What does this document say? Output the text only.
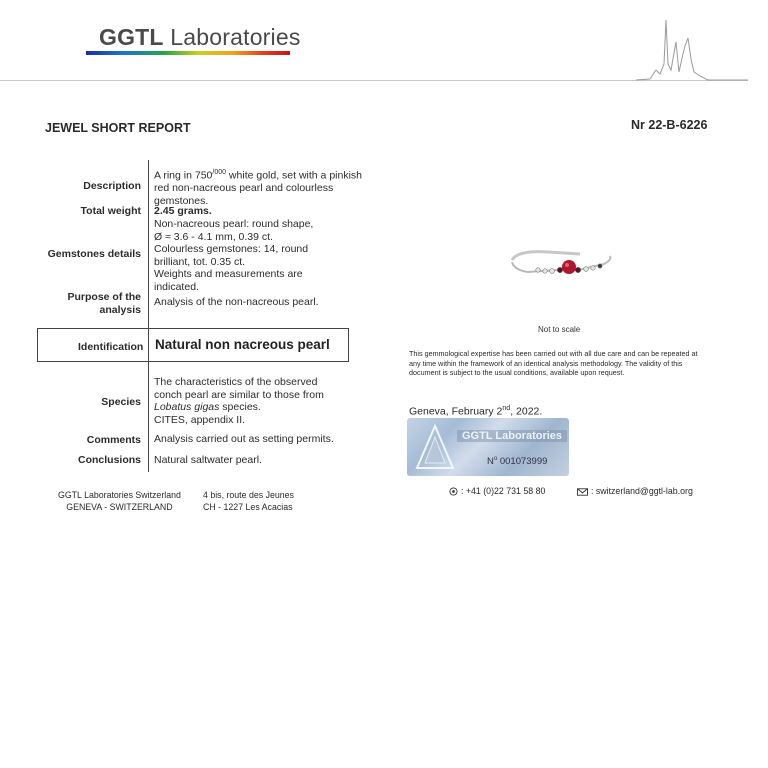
GGTL Laboratories
JEWEL SHORT REPORT	Nr 22-B-6226
Description
A ring in $750^{/000}$ white gold, set with a pinkish red non-nacreous pearl and colourless gemstones.
Total weight 2.45 grams.
Gemstones details
Non-nacreous pearl: round shape,
Ø ≈ 3.6 - 4.1 mm, 0.39 ct.
Colourless gemstones: 14, round
brilliant, tot. 0.35 ct.
Weights and measurements are
indicated.
Purpose of the
analysis
Analysis of the non-nacreous pearl.
Identification Natural non nacreous pearl
Species
The characteristics of the observed
conch pearl are similar to those from
Lobatus gigas species.
CITES, appendix II.
Comments Analysis carried out as setting permits.
Conclusions Natural saltwater pearl.
Not to scale
This gemmological expertise has been carried out with all due care and can be repeated at any time within the framework of an identical analysis methodology. The validity of this document is subject to the usual conditions, available upon request.
Geneva, February 2nd, 2022.
GGTL Laboratories
$N^o$ 001073999
GGTL Laboratories Switzerland
GENEVA - SWITZERLAND
4 bis, route des Jeunes
CH - 1227 Les Acacias
: +41 (0)22 731 58 80	: switzerland@ggtl-lab.org
